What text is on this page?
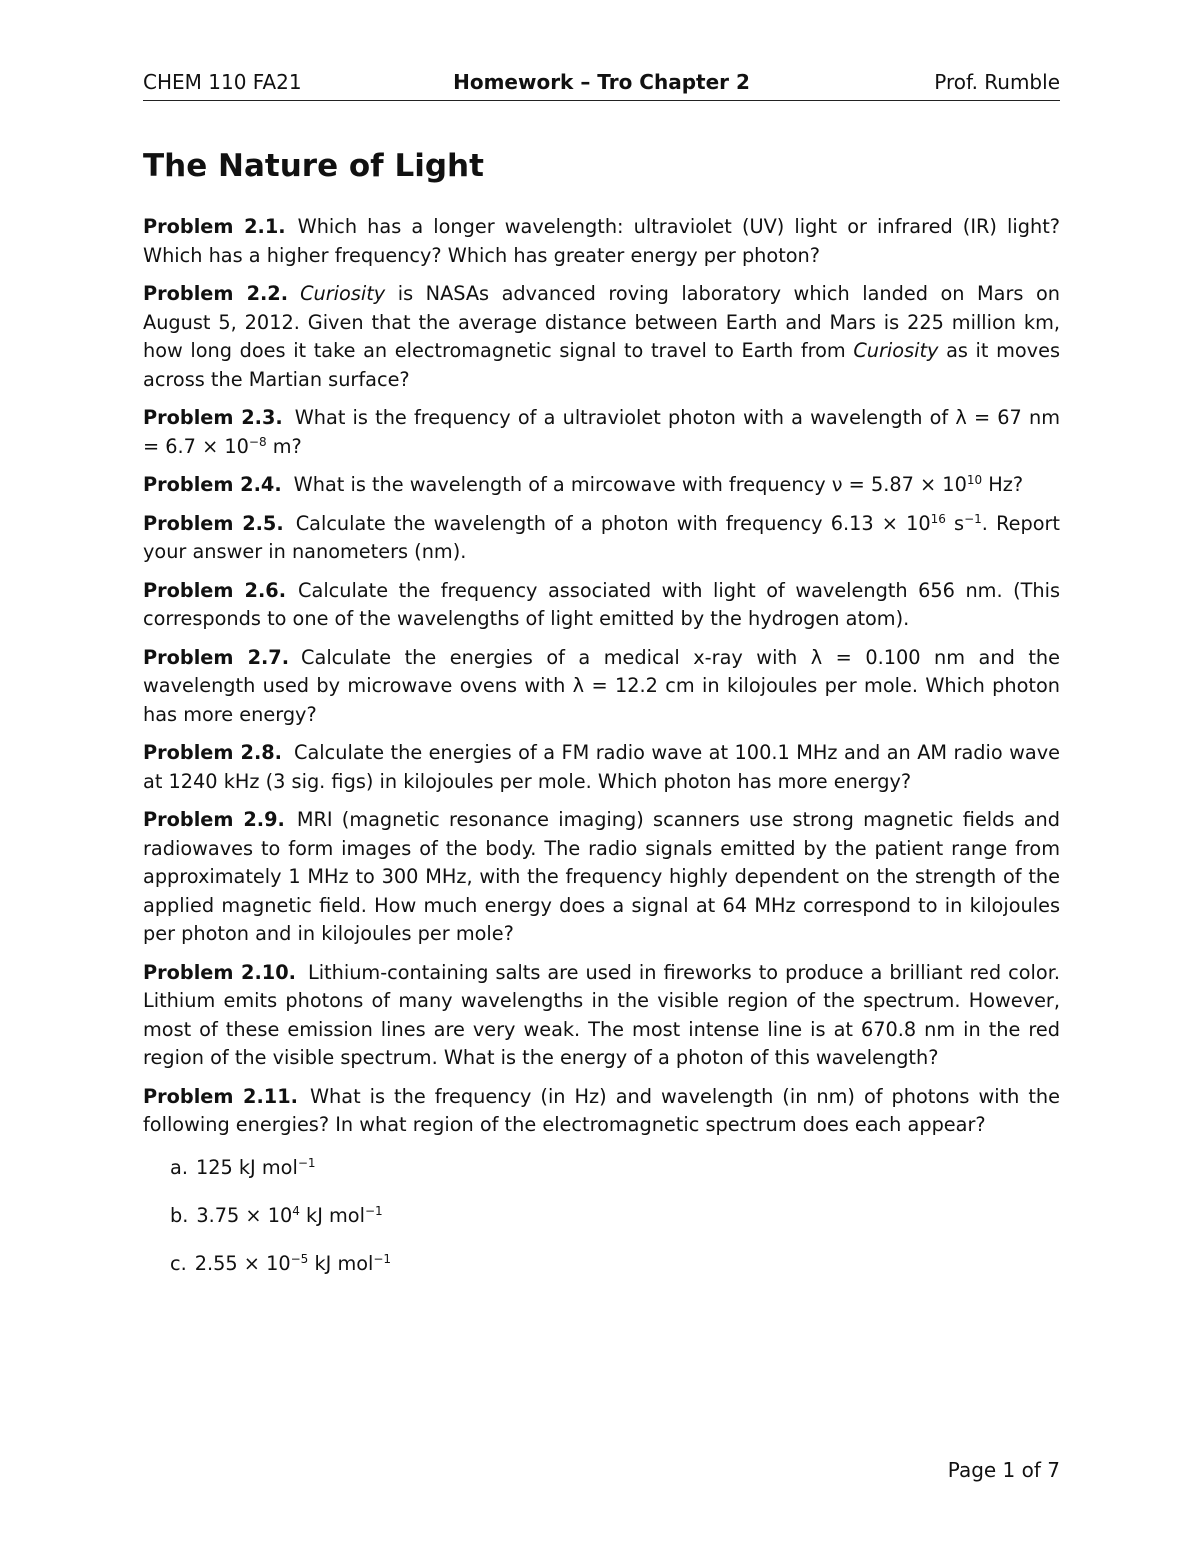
CHEM 110 FA21	Homework – Tro Chapter 2	Prof. Rumble
The Nature of Light

Problem 2.1. Which has a longer wavelength: ultraviolet (UV) light or infrared (IR) light? Which has a higher frequency? Which has greater energy per photon?

Problem 2.2. Curiosity is NASAs advanced roving laboratory which landed on Mars on August 5, 2012. Given that the average distance between Earth and Mars is 225 million km, how long does it take an electromagnetic signal to travel to Earth from Curiosity as it moves across the Martian surface?

Problem 2.3. What is the frequency of a ultraviolet photon with a wavelength of λ = 67 nm = $6.7 \times 10^{-8}$ m?

Problem 2.4. What is the wavelength of a mircowave with frequency $\nu = 5.87 \times 10^{10}$ Hz?

Problem 2.5. Calculate the wavelength of a photon with frequency $6.13 \times 10^{16}$ $s^{-1}$. Report your answer in nanometers (nm).

Problem 2.6. Calculate the frequency associated with light of wavelength 656 nm. (This corresponds to one of the wavelengths of light emitted by the hydrogen atom).

Problem 2.7. Calculate the energies of a medical x-ray with λ = 0.100 nm and the wavelength used by microwave ovens with λ = 12.2 cm in kilojoules per mole. Which photon has more energy?

Problem 2.8. Calculate the energies of a FM radio wave at 100.1 MHz and an AM radio wave at 1240 kHz (3 sig. figs) in kilojoules per mole. Which photon has more energy?

Problem 2.9. MRI (magnetic resonance imaging) scanners use strong magnetic fields and radiowaves to form images of the body. The radio signals emitted by the patient range from approximately 1 MHz to 300 MHz, with the frequency highly dependent on the strength of the applied magnetic field. How much energy does a signal at 64 MHz correspond to in kilojoules per photon and in kilojoules per mole?

Problem 2.10. Lithium-containing salts are used in fireworks to produce a brilliant red color. Lithium emits photons of many wavelengths in the visible region of the spectrum. However, most of these emission lines are very weak. The most intense line is at 670.8 nm in the red region of the visible spectrum. What is the energy of a photon of this wavelength?

Problem 2.11. What is the frequency (in Hz) and wavelength (in nm) of photons with the following energies? In what region of the electromagnetic spectrum does each appear?
a. 125 kJ mol$^{-1}$
b. $3.75 \times 10^4$ kJ mol$^{-1}$
c. $2.55 \times 10^{-5}$ kJ mol$^{-1}$
Page 1 of 7
